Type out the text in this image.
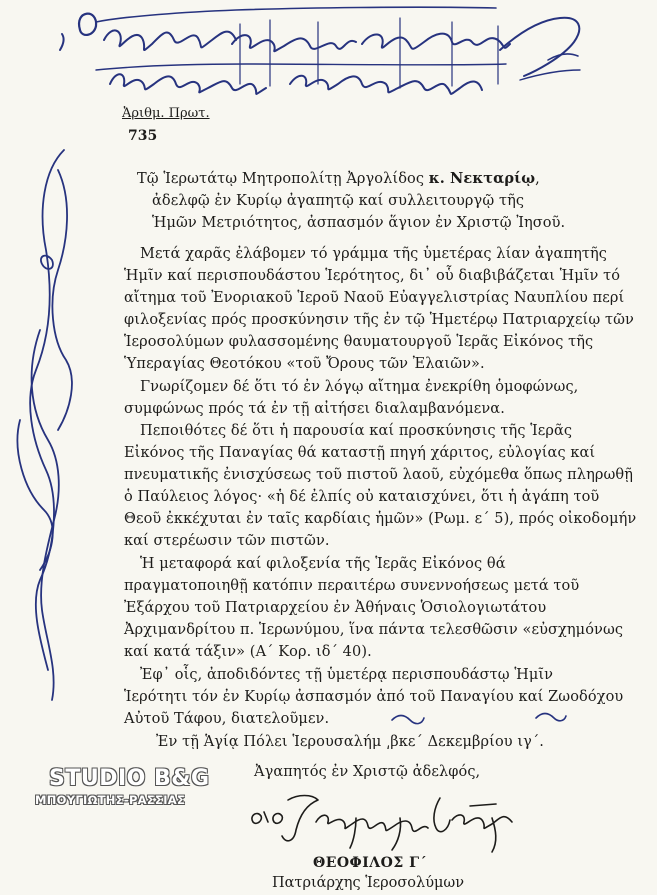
Ἀριθμ. Πρωτ.
735
Τῷ Ἱερωτάτῳ Μητροπολίτῃ Ἀργολίδος κ. Νεκταρίῳ,
ἀδελφῷ ἐν Κυρίῳ ἀγαπητῷ καί συλλειτουργῷ τῆς
Ἡμῶν Μετριότητος, ἀσπασμόν ἅγιον ἐν Χριστῷ Ἰησοῦ.
Μετά χαρᾶς ἐλάβομεν τό γράμμα τῆς ὑμετέρας λίαν ἀγαπητῆς
Ἡμῖν καί περισπουδάστου Ἱερότητος, δι᾿ οὗ διαβιβάζεται Ἡμῖν τό
αἴτημα τοῦ Ἐνοριακοῦ Ἱεροῦ Ναοῦ Εὐαγγελιστρίας Ναυπλίου περί
φιλοξενίας πρός προσκύνησιν τῆς ἐν τῷ Ἡμετέρῳ Πατριαρχείῳ τῶν
Ἱεροσολύμων φυλασσομένης θαυματουργοῦ Ἱερᾶς Εἰκόνος τῆς
Ὑπεραγίας Θεοτόκου «τοῦ Ὄρους τῶν Ἐλαιῶν».
Γνωρίζομεν δέ ὅτι τό ἐν λόγῳ αἴτημα ἐνεκρίθη ὁμοφώνως,
συμφώνως πρός τά ἐν τῇ αἰτήσει διαλαμβανόμενα.
Πεποιθότες δέ ὅτι ἡ παρουσία καί προσκύνησις τῆς Ἱερᾶς
Εἰκόνος τῆς Παναγίας θά καταστῇ πηγή χάριτος, εὐλογίας καί
πνευματικῆς ἐνισχύσεως τοῦ πιστοῦ λαοῦ, εὐχόμεθα ὅπως πληρωθῇ
ὁ Παύλειος λόγος· «ἡ δέ ἐλπίς οὐ καταισχύνει, ὅτι ἡ ἀγάπη τοῦ
Θεοῦ ἐκκέχυται ἐν ταῖς καρδίαις ἡμῶν» (Ρωμ. ε´ 5), πρός οἰκοδομήν
καί στερέωσιν τῶν πιστῶν.
Ἡ μεταφορά καί φιλοξενία τῆς Ἱερᾶς Εἰκόνος θά
πραγματοποιηθῇ κατόπιν περαιτέρω συνεννοήσεως μετά τοῦ
Ἐξάρχου τοῦ Πατριαρχείου ἐν Ἀθήναις Ὁσιολογιωτάτου
Ἀρχιμανδρίτου π. Ἱερωνύμου, ἵνα πάντα τελεσθῶσιν «εὐσχημόνως
καί κατά τάξιν» (Α´ Κορ. ιδ´ 40).
Ἐφ᾿ οἷς, ἀποδιδόντες τῇ ὑμετέρᾳ περισπουδάστῳ Ἡμῖν
Ἱερότητι τόν ἐν Κυρίῳ ἀσπασμόν ἀπό τοῦ Παναγίου καί Ζωοδόχου
Αὐτοῦ Τάφου, διατελοῦμεν.
Ἐν τῇ Ἁγίᾳ Πόλει Ἱερουσαλήμ ͵βκε´ Δεκεμβρίου ιγ´.
Ἀγαπητός ἐν Χριστῷ ἀδελφός,
ΘΕΟΦΙΛΟΣ Γ´
Πατριάρχης Ἱεροσολύμων
STUDIO B&G
ΜΠΟΥΓΙΩΤΗΣ-ΡΑΣΣΙΑΣ
